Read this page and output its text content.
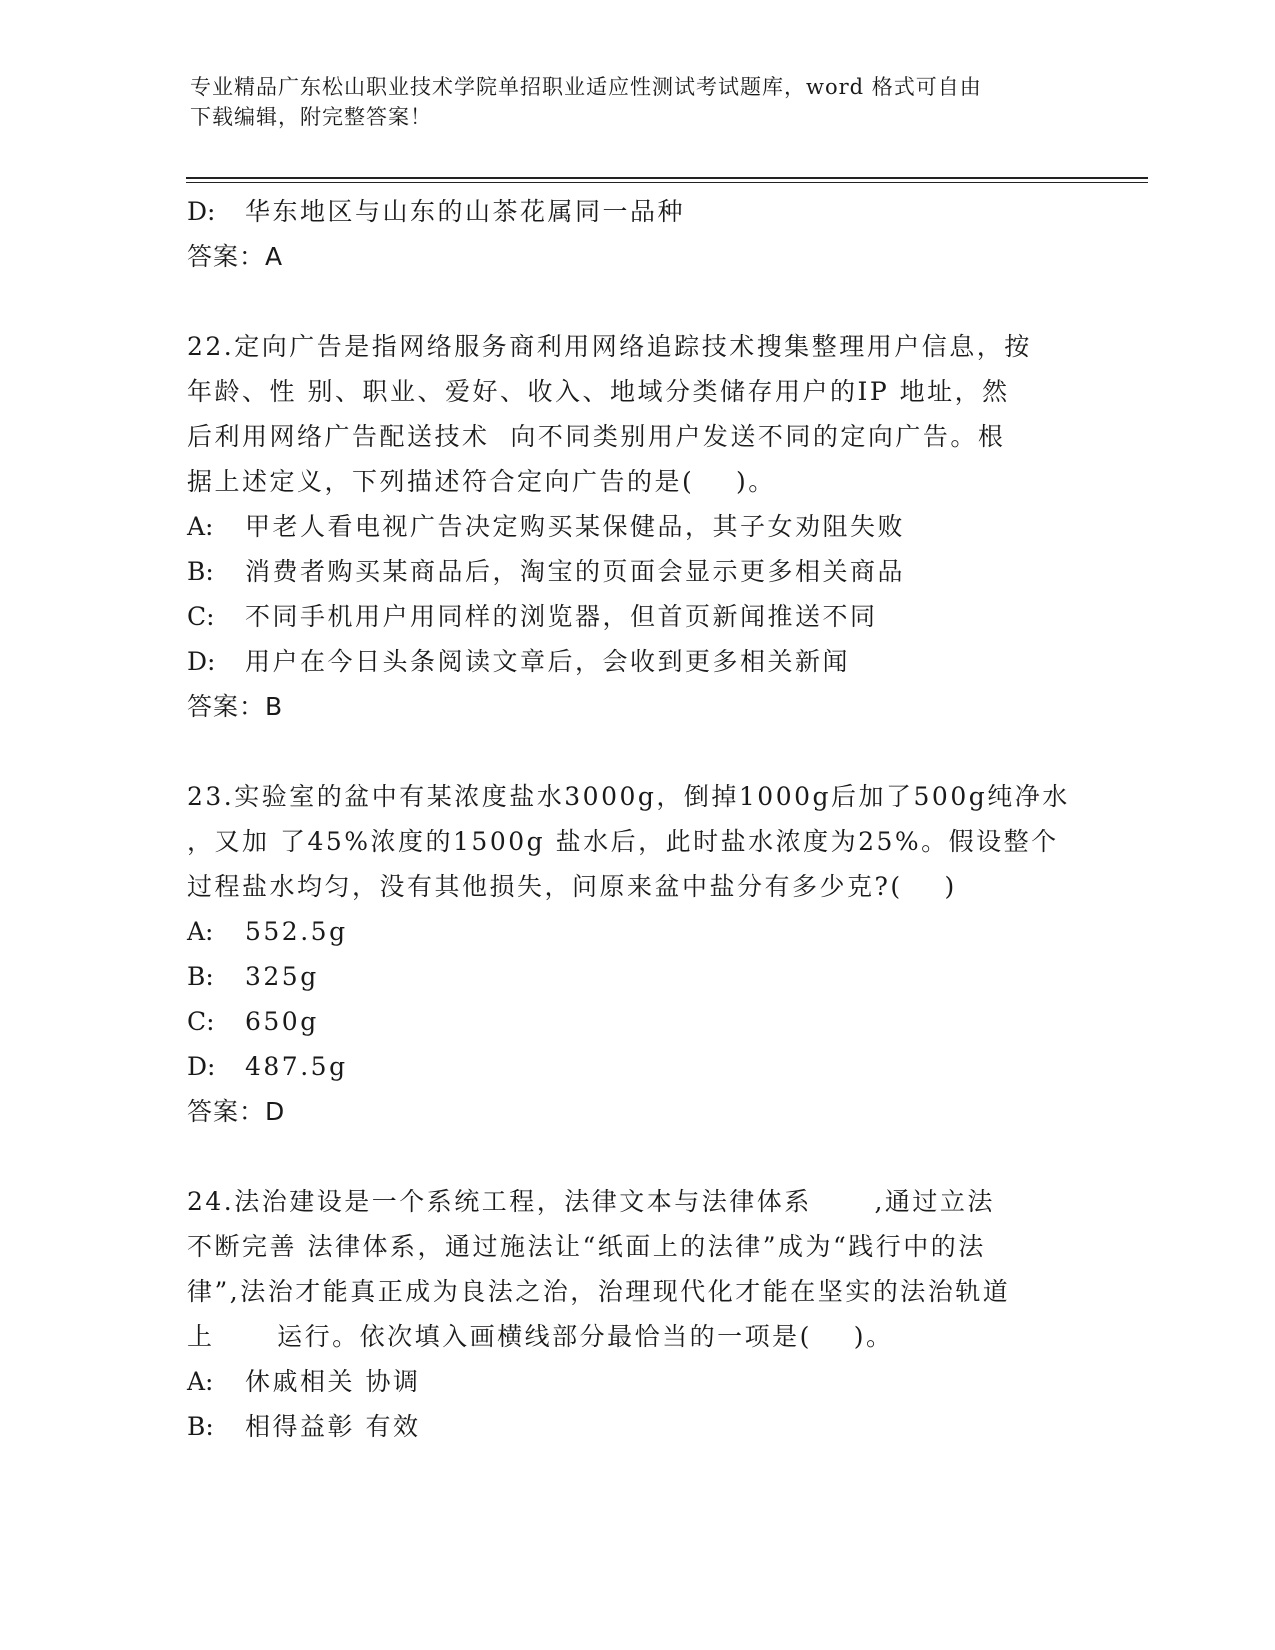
专业精品广东松山职业技术学院单招职业适应性测试考试题库，word 格式可自由
下载编辑，附完整答案！
D: 华东地区与山东的山茶花属同一品种
答案：A
22.定向广告是指网络服务商利用网络追踪技术搜集整理用户信息，按
年龄、性 别、职业、爱好、收入、地域分类储存用户的IP 地址，然
后利用网络广告配送技术  向不同类别用户发送不同的定向广告。根
据上述定义，下列描述符合定向广告的是(    )。
A: 甲老人看电视广告决定购买某保健品，其子女劝阻失败
B: 消费者购买某商品后，淘宝的页面会显示更多相关商品
C: 不同手机用户用同样的浏览器，但首页新闻推送不同
D: 用户在今日头条阅读文章后，会收到更多相关新闻
答案：B
23.实验室的盆中有某浓度盐水3000g，倒掉1000g后加了500g纯净水
，又加 了45%浓度的1500g 盐水后，此时盐水浓度为25%。假设整个
过程盐水均匀，没有其他损失，问原来盆中盐分有多少克?(    )
A: 552.5g
B: 325g
C: 650g
D: 487.5g
答案：D
24.法治建设是一个系统工程，法律文本与法律体系      ,通过立法
不断完善 法律体系，通过施法让“纸面上的法律”成为“践行中的法
律”,法治才能真正成为良法之治，治理现代化才能在坚实的法治轨道
上      运行。依次填入画横线部分最恰当的一项是(    )。
A: 休戚相关 协调
B: 相得益彰 有效
